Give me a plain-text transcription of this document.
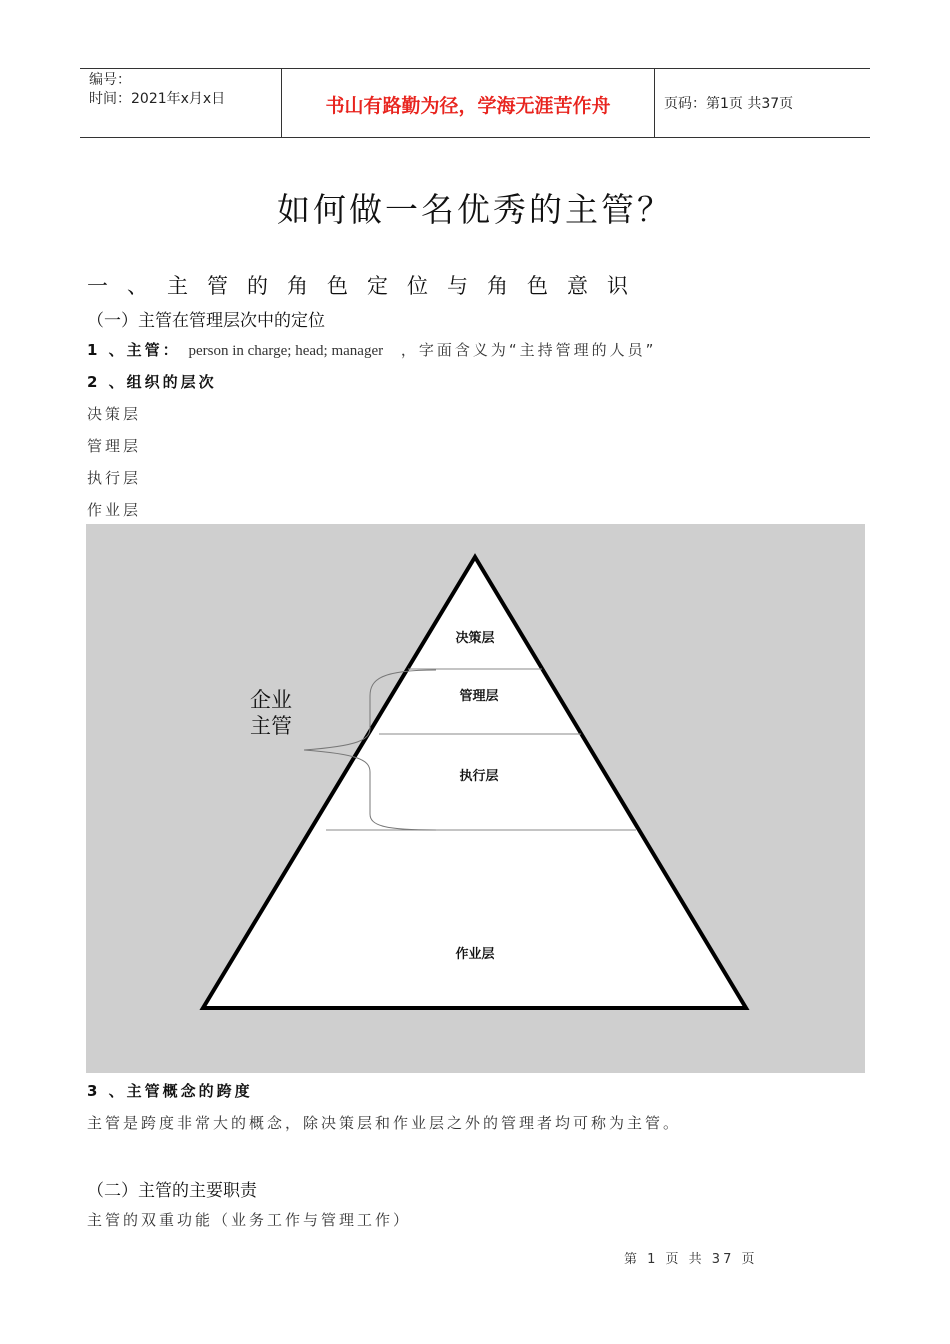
编号：
时间：2021年x月x日	书山有路勤为径，学海无涯苦作舟	页码：第1页 共37页
如何做一名优秀的主管？
一、主管的角色定位与角色意识
（一）主管在管理层次中的定位
1 、主管： person in charge; head; manager ，字面含义为“主持管理的人员”
2 、组织的层次
决策层
管理层
执行层
作业层
决策层
管理层
执行层
作业层
企业
主管
3 、主管概念的跨度
主管是跨度非常大的概念，除决策层和作业层之外的管理者均可称为主管。
（二）主管的主要职责
主管的双重功能（业务工作与管理工作）
第 1 页 共 37 页
